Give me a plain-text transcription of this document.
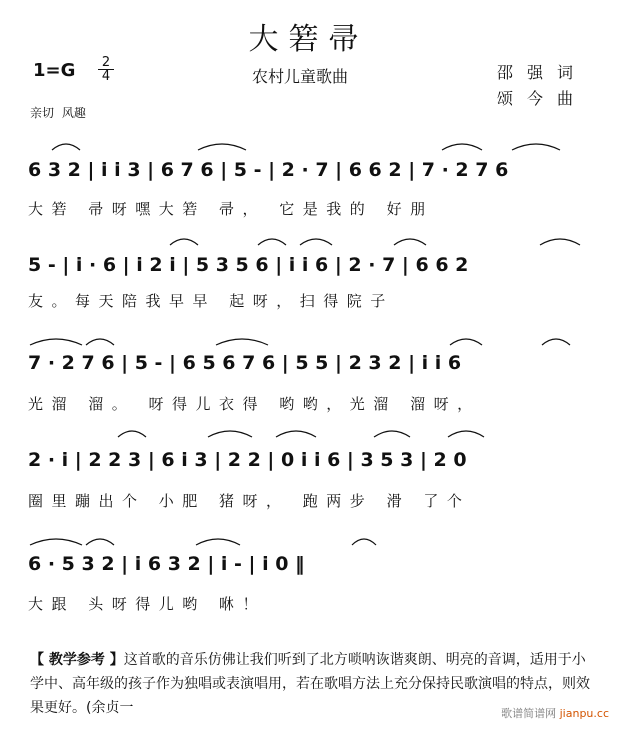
大箬帚
$1=G \frac{2}{4}$	农村儿童歌曲	邵强词
颂今曲
亲切 风趣
6 3 2 | i i 3 | 6 7 6 | 5 - | 2 · 7 | 6 6 2 | 7 · 2 7 6
大箬 帚呀嘿大箬 帚， 它是我的 好朋
5 - | i · 6 | i 2 i | 5 3 5 6 | i i 6 | 2 · 7 | 6 6 2
友。每天陪我早早 起呀，扫得院子
7 · 2 7 6 | 5 - | 6 5 6 7 6 | 5 5 | 2 3 2 | i i 6
光溜 溜。 呀得儿衣得 哟哟，光溜 溜呀，
2 · i | 2 2 3 | 6 i 3 | 2 2 | 0 i i 6 | 3 5 3 | 2 0
圈里蹦出个 小肥 猪呀， 跑两步 滑 了个
6 · 5 3 2 | i 6 3 2 | i - | i 0 ‖
大跟 头呀得儿哟 咻！
【 教学参考 】这首歌的音乐仿佛让我们听到了北方唢呐诙谐爽朗、明亮的音调，适用于小学中、高年级的孩子作为独唱或表演唱用，若在歌唱方法上充分保持民歌演唱的特点，则效果更好。(余贞一	歌谱简谱网 jianpu.cc
